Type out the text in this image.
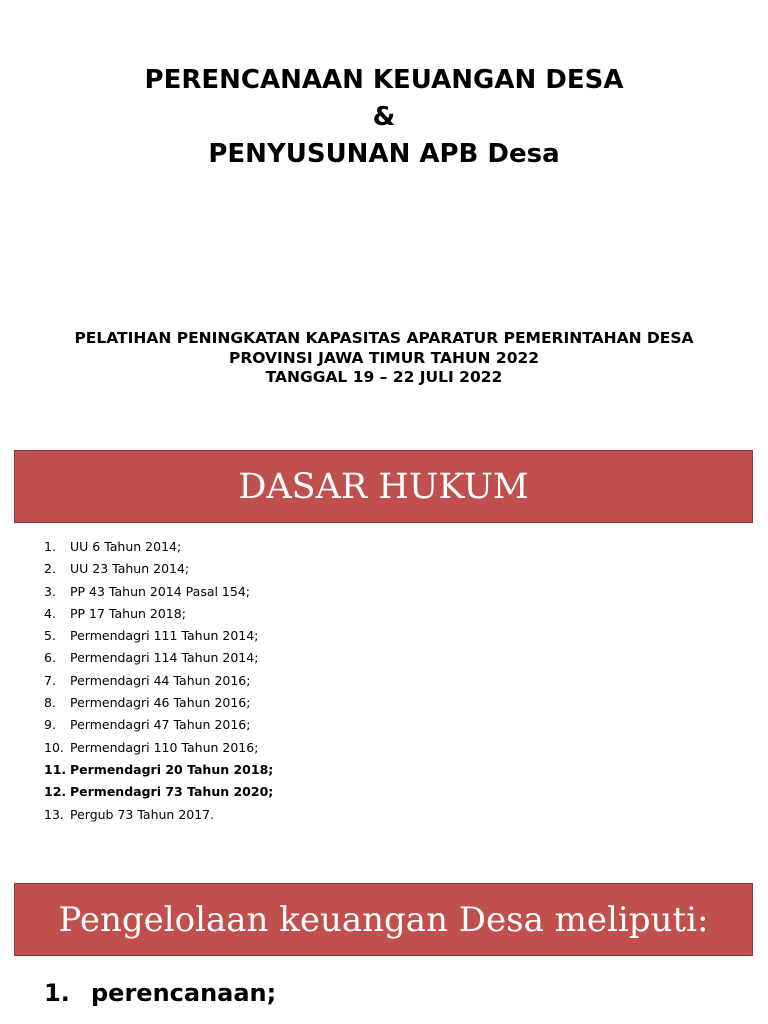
PERENCANAAN KEUANGAN DESA
&
PENYUSUNAN APB Desa
PELATIHAN PENINGKATAN KAPASITAS APARATUR PEMERINTAHAN DESA
PROVINSI JAWA TIMUR TAHUN 2022
TANGGAL 19 – 22 JULI 2022
DASAR HUKUM
1. UU 6 Tahun 2014;
2. UU 23 Tahun 2014;
3. PP 43 Tahun 2014 Pasal 154;
4. PP 17 Tahun 2018;
5. Permendagri 111 Tahun 2014;
6. Permendagri 114 Tahun 2014;
7. Permendagri 44 Tahun 2016;
8. Permendagri 46 Tahun 2016;
9. Permendagri 47 Tahun 2016;
10. Permendagri 110 Tahun 2016;
11. Permendagri 20 Tahun 2018;
12. Permendagri 73 Tahun 2020;
13. Pergub 73 Tahun 2017.
Pengelolaan keuangan Desa meliputi:
1. perencanaan;
